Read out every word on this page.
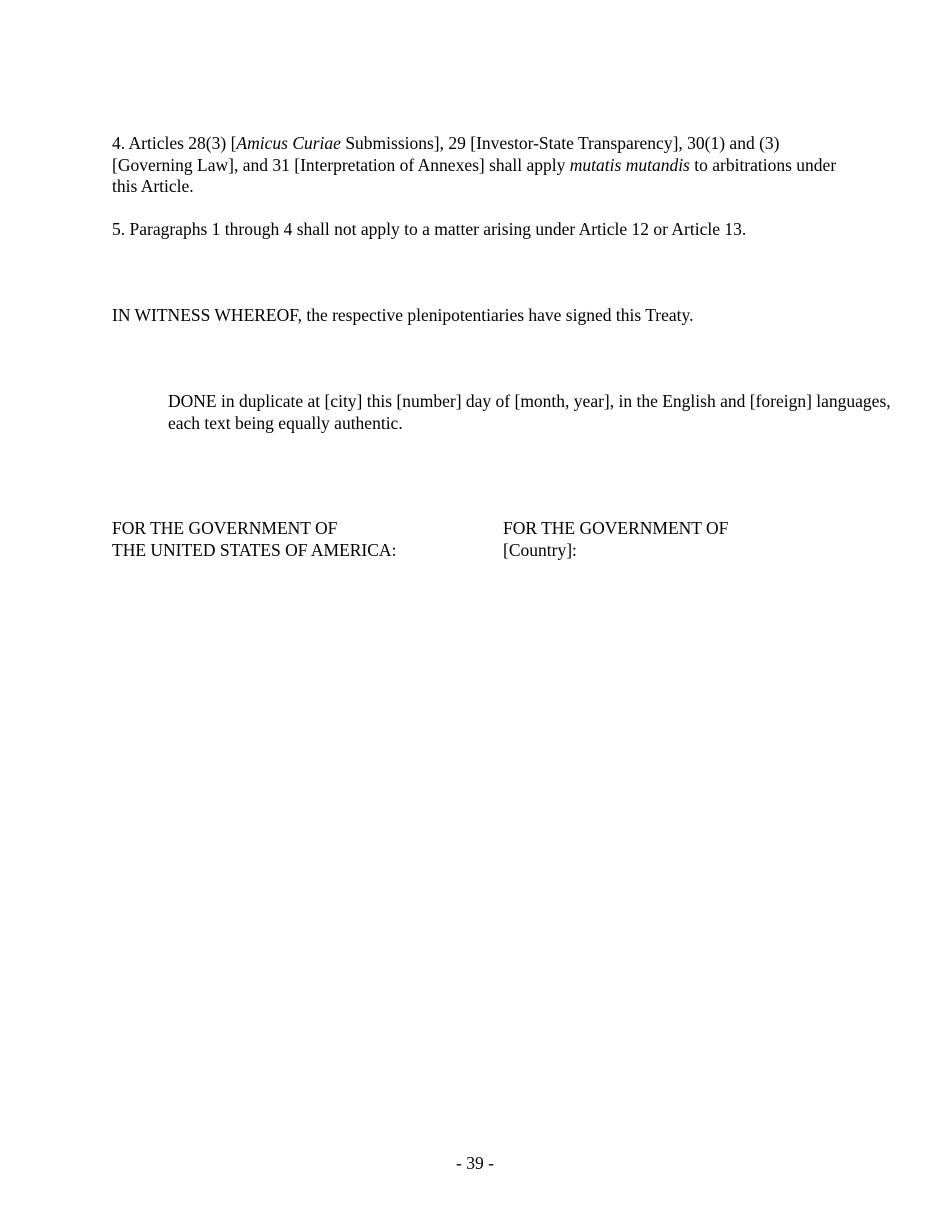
4. Articles 28(3) [Amicus Curiae Submissions], 29 [Investor-State Transparency], 30(1) and (3) [Governing Law], and 31 [Interpretation of Annexes] shall apply mutatis mutandis to arbitrations under this Article.

5. Paragraphs 1 through 4 shall not apply to a matter arising under Article 12 or Article 13.

IN WITNESS WHEREOF, the respective plenipotentiaries have signed this Treaty.

DONE in duplicate at [city] this [number] day of [month, year], in the English and [foreign] languages, each text being equally authentic.

FOR THE GOVERNMENT OF
THE UNITED STATES OF AMERICA:
FOR THE GOVERNMENT OF
[Country]:
- 39 -
